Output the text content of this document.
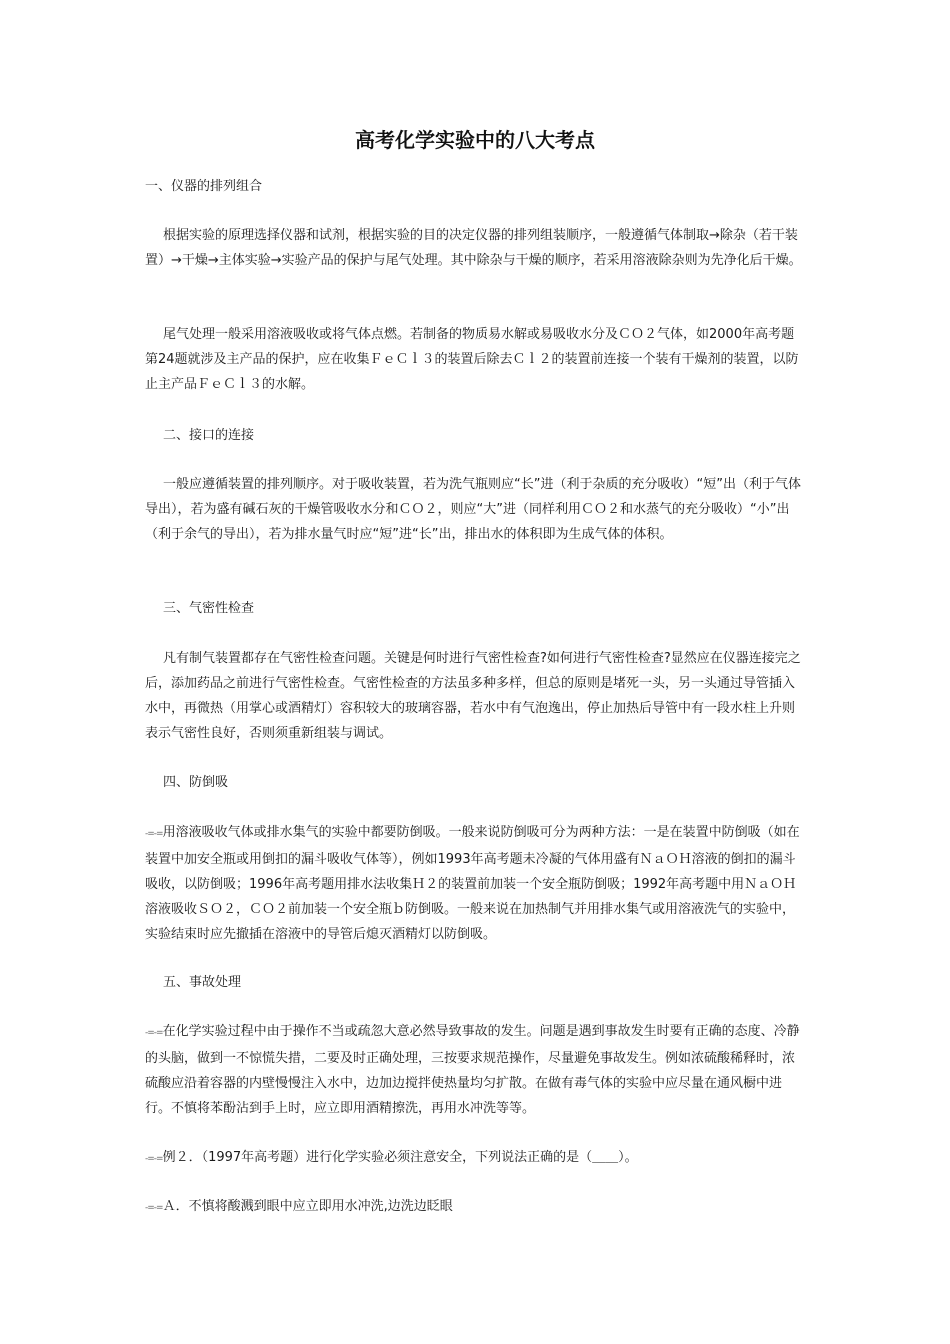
高考化学实验中的八大考点

一、仪器的排列组合

根据实验的原理选择仪器和试剂，根据实验的目的决定仪器的排列组装顺序，一般遵循气体制取→除杂（若干装置）→干燥→主体实验→实验产品的保护与尾气处理。其中除杂与干燥的顺序，若采用溶液除杂则为先净化后干燥。

尾气处理一般采用溶液吸收或将气体点燃。若制备的物质易水解或易吸收水分及ＣＯ２气体，如2000年高考题第24题就涉及主产品的保护，应在收集ＦｅＣｌ３的装置后除去Ｃｌ２的装置前连接一个装有干燥剂的装置，以防止主产品ＦｅＣｌ３的水解。

二、接口的连接

一般应遵循装置的排列顺序。对于吸收装置，若为洗气瓶则应“长”进（利于杂质的充分吸收）“短”出（利于气体导出），若为盛有碱石灰的干燥管吸收水分和ＣＯ２，则应“大”进（同样利用ＣＯ２和水蒸气的充分吸收）“小”出（利于余气的导出），若为排水量气时应“短”进“长”出，排出水的体积即为生成气体的体积。

三、气密性检查

凡有制气装置都存在气密性检查问题。关键是何时进行气密性检查?如何进行气密性检查?显然应在仪器连接完之后，添加药品之前进行气密性检查。气密性检查的方法虽多种多样，但总的原则是堵死一头，另一头通过导管插入水中，再微热（用掌心或酒精灯）容积较大的玻璃容器，若水中有气泡逸出，停止加热后导管中有一段水柱上升则表示气密性良好，否则须重新组装与调试。

四、防倒吸

-=-=用溶液吸收气体或排水集气的实验中都要防倒吸。一般来说防倒吸可分为两种方法：一是在装置中防倒吸（如在装置中加安全瓶或用倒扣的漏斗吸收气体等），例如1993年高考题未冷凝的气体用盛有ＮａＯＨ溶液的倒扣的漏斗吸收，以防倒吸；1996年高考题用排水法收集Ｈ２的装置前加装一个安全瓶防倒吸；1992年高考题中用ＮａＯＨ溶液吸收ＳＯ２，ＣＯ２前加装一个安全瓶ｂ防倒吸。一般来说在加热制气并用排水集气或用溶液洗气的实验中，实验结束时应先撤插在溶液中的导管后熄灭酒精灯以防倒吸。

五、事故处理

-=-=在化学实验过程中由于操作不当或疏忽大意必然导致事故的发生。问题是遇到事故发生时要有正确的态度、冷静的头脑，做到一不惊慌失措，二要及时正确处理，三按要求规范操作，尽量避免事故发生。例如浓硫酸稀释时，浓硫酸应沿着容器的内壁慢慢注入水中，边加边搅拌使热量均匀扩散。在做有毒气体的实验中应尽量在通风橱中进行。不慎将苯酚沾到手上时，应立即用酒精擦洗，再用水冲洗等等。

-=-=例２．（1997年高考题）进行化学实验必须注意安全，下列说法正确的是（＿＿）。

-=-=Ａ．不慎将酸溅到眼中应立即用水冲洗,边洗边眨眼
